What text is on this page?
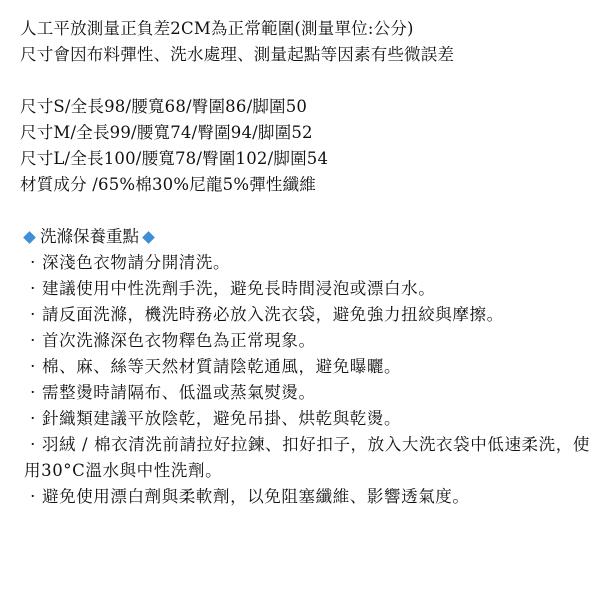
人工平放測量正負差2CM為正常範圍(測量單位:公分)
尺寸會因布料彈性、洗水處理、測量起點等因素有些微誤差
尺寸S/全長98/腰寬68/臀圍86/脚圍50
尺寸M/全長99/腰寬74/臀圍94/脚圍52
尺寸L/全長100/腰寬78/臀圍102/脚圍54
材質成分 /65%棉30%尼龍5%彈性纖維
洗滌保養重點
· 深淺色衣物請分開清洗。
· 建議使用中性洗劑手洗，避免長時間浸泡或漂白水。
· 請反面洗滌，機洗時務必放入洗衣袋，避免強力扭絞與摩擦。
· 首次洗滌深色衣物釋色為正常現象。
· 棉、麻、絲等天然材質請陰乾通風，避免曝曬。
· 需整燙時請隔布、低溫或蒸氣熨燙。
· 針織類建議平放陰乾，避免吊掛、烘乾與乾燙。
· 羽絨 / 棉衣清洗前請拉好拉鍊、扣好扣子，放入大洗衣袋中低速柔洗，使用30°C溫水與中性洗劑。
· 避免使用漂白劑與柔軟劑，以免阻塞纖維、影響透氣度。
